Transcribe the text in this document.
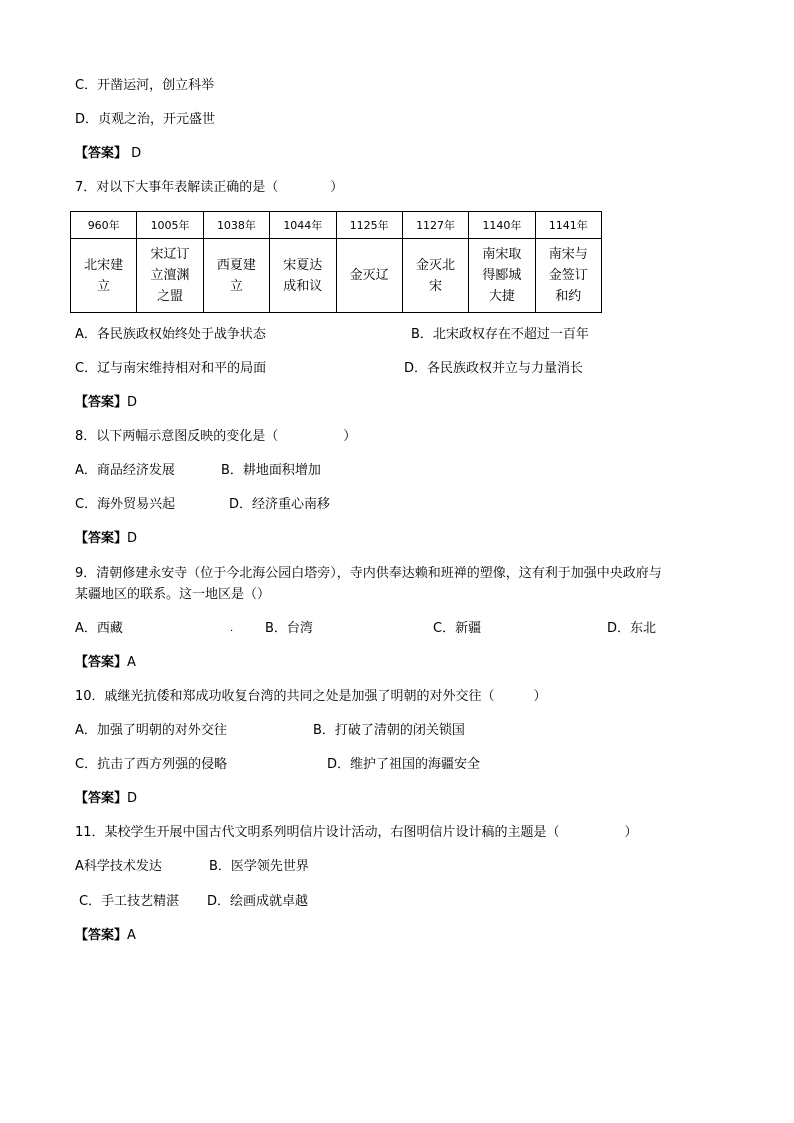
C．开凿运河，创立科举
D．贞观之治，开元盛世
【答案】 D
7．对以下大事年表解读正确的是（　　　　）
960年	1005年	1038年	1044年	1125年	1127年	1140年	1141年
北宋建立	宋辽订立澶渊之盟	西夏建立	宋夏达成和议	金灭辽	金灭北宋	南宋取得郾城大捷	南宋与金签订和约
A．各民族政权始终处于战争状态	B．北宋政权存在不超过一百年
C．辽与南宋维持相对和平的局面	D．各民族政权并立与力量消长
【答案】D
8．以下两幅示意图反映的变化是（　　　　　）
A．商品经济发展	B．耕地面积增加
C．海外贸易兴起	D．经济重心南移
【答案】D
9．清朝修建永安寺（位于今北海公园白塔旁），寺内供奉达赖和班禅的塑像，这有利于加强中央政府与
某疆地区的联系。这一地区是（）
A．西藏	. B．台湾	C．新疆	D．东北
【答案】A
10．戚继光抗倭和郑成功收复台湾的共同之处是加强了明朝的对外交往（　　　）
A．加强了明朝的对外交往	B．打破了清朝的闭关锁国
C．抗击了西方列强的侵略	D．维护了祖国的海疆安全
【答案】D
11．某校学生开展中国古代文明系列明信片设计活动，右图明信片设计稿的主题是（　　　　　）
A科学技术发达	B．医学领先世界
C．手工技艺精湛 D．绘画成就卓越
【答案】A
